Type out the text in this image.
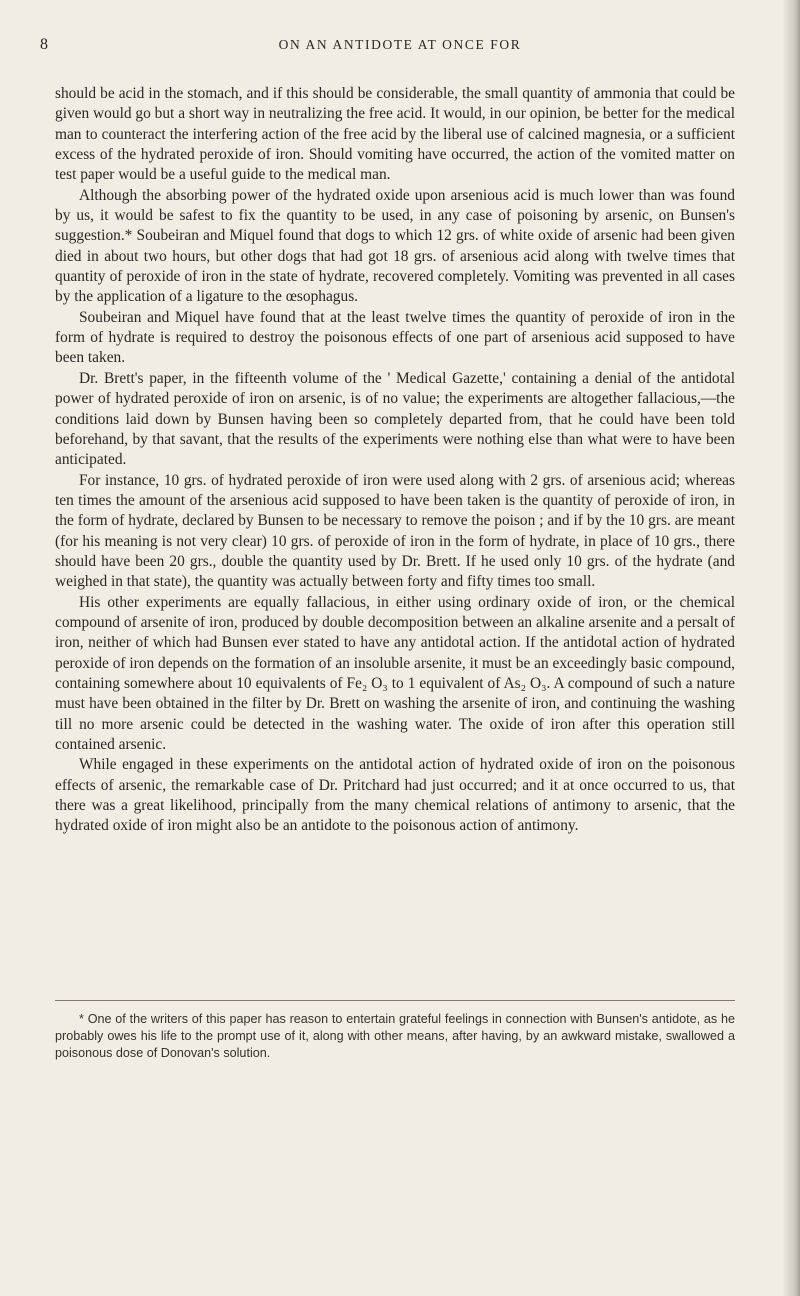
8	ON AN ANTIDOTE AT ONCE FOR

should be acid in the stomach, and if this should be considerable, the small quantity of ammonia that could be given would go but a short way in neutralizing the free acid. It would, in our opinion, be better for the medical man to counteract the interfering action of the free acid by the liberal use of calcined magnesia, or a sufficient excess of the hydrated peroxide of iron. Should vomiting have occurred, the action of the vomited matter on test paper would be a useful guide to the medical man.

Although the absorbing power of the hydrated oxide upon arsenious acid is much lower than was found by us, it would be safest to fix the quantity to be used, in any case of poisoning by arsenic, on Bunsen's suggestion.* Soubeiran and Miquel found that dogs to which 12 grs. of white oxide of arsenic had been given died in about two hours, but other dogs that had got 18 grs. of arsenious acid along with twelve times that quantity of peroxide of iron in the state of hydrate, recovered completely. Vomiting was prevented in all cases by the application of a ligature to the œsophagus.

Soubeiran and Miquel have found that at the least twelve times the quantity of peroxide of iron in the form of hydrate is required to destroy the poisonous effects of one part of arsenious acid supposed to have been taken.

Dr. Brett's paper, in the fifteenth volume of the ' Medical Gazette,' containing a denial of the antidotal power of hydrated peroxide of iron on arsenic, is of no value; the experiments are altogether fallacious,—the conditions laid down by Bunsen having been so completely departed from, that he could have been told beforehand, by that savant, that the results of the experiments were nothing else than what were to have been anticipated.

For instance, 10 grs. of hydrated peroxide of iron were used along with 2 grs. of arsenious acid; whereas ten times the amount of the arsenious acid supposed to have been taken is the quantity of peroxide of iron, in the form of hydrate, declared by Bunsen to be necessary to remove the poison ; and if by the 10 grs. are meant (for his meaning is not very clear) 10 grs. of peroxide of iron in the form of hydrate, in place of 10 grs., there should have been 20 grs., double the quantity used by Dr. Brett. If he used only 10 grs. of the hydrate (and weighed in that state), the quantity was actually between forty and fifty times too small.

His other experiments are equally fallacious, in either using ordinary oxide of iron, or the chemical compound of arsenite of iron, produced by double decomposition between an alkaline arsenite and a persalt of iron, neither of which had Bunsen ever stated to have any antidotal action. If the antidotal action of hydrated peroxide of iron depends on the formation of an insoluble arsenite, it must be an exceedingly basic compound, containing somewhere about 10 equivalents of Fe₂ O₃ to 1 equivalent of As₂ O₃. A compound of such a nature must have been obtained in the filter by Dr. Brett on washing the arsenite of iron, and continuing the washing till no more arsenic could be detected in the washing water. The oxide of iron after this operation still contained arsenic.

While engaged in these experiments on the antidotal action of hydrated oxide of iron on the poisonous effects of arsenic, the remarkable case of Dr. Pritchard had just occurred; and it at once occurred to us, that there was a great likelihood, principally from the many chemical relations of antimony to arsenic, that the hydrated oxide of iron might also be an antidote to the poisonous action of antimony.

* One of the writers of this paper has reason to entertain grateful feelings in connection with Bunsen's antidote, as he probably owes his life to the prompt use of it, along with other means, after having, by an awkward mistake, swallowed a poisonous dose of Donovan's solution.
